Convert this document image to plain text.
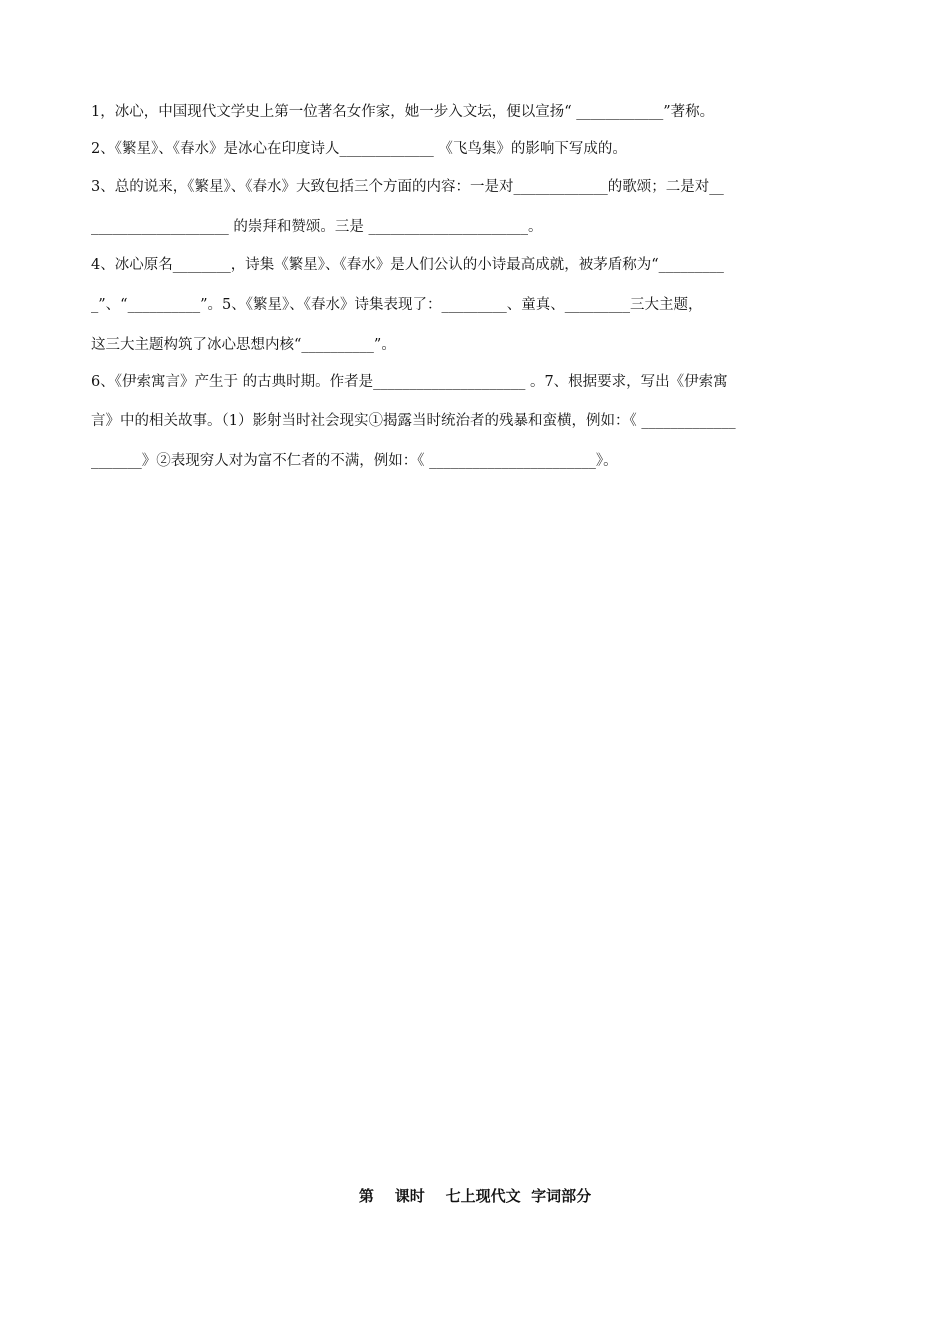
1，冰心，中国现代文学史上第一位著名女作家，她一步入文坛，便以宣扬“ ____________”著称。
2、《繁星》、《春水》是冰心在印度诗人_____________ 《飞鸟集》的影响下写成的。
3、总的说来，《繁星》、《春水》大致包括三个方面的内容：一是对_____________的歌颂；二是对__
___________________ 的崇拜和赞颂。三是 ______________________。
4、冰心原名________，诗集《繁星》、《春水》是人们公认的小诗最高成就，被茅盾称为“_________
_”、“__________”。5、《繁星》、《春水》诗集表现了：_________、童真、_________三大主题，
这三大主题构筑了冰心思想内核“__________”。
6、《伊索寓言》产生于 的古典时期。作者是_____________________ 。7、根据要求，写出《伊索寓
言》中的相关故事。（1）影射当时社会现实①揭露当时统治者的残暴和蛮横，例如：《 _____________
_______》②表现穷人对为富不仁者的不满，例如：《 _______________________》。
第    课时    七上现代文  字词部分
